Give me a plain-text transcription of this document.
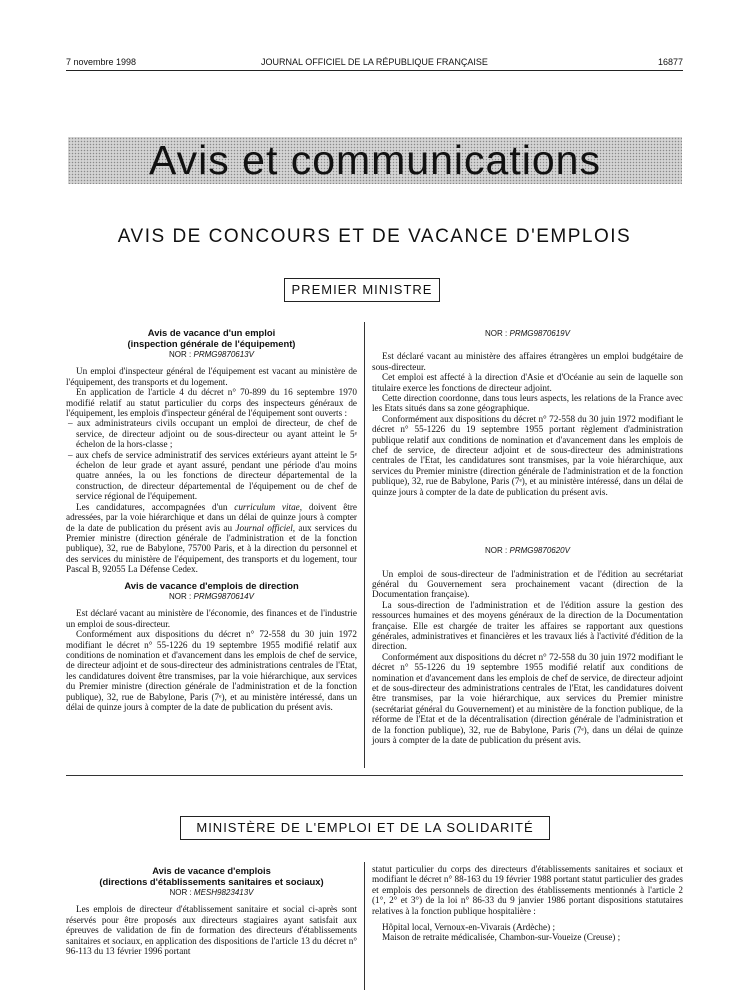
7 novembre 1998	JOURNAL OFFICIEL DE LA RÉPUBLIQUE FRANÇAISE	16877
Avis et communications
AVIS DE CONCOURS ET DE VACANCE D'EMPLOIS
PREMIER MINISTRE

Avis de vacance d'un emploi

(inspection générale de l'équipement)

NOR : PRMG9870613V

Un emploi d'inspecteur général de l'équipement est vacant au ministère de l'équipement, des transports et du logement.

En application de l'article 4 du décret n° 70-899 du 16 septembre 1970 modifié relatif au statut particulier du corps des inspecteurs généraux de l'équipement, les emplois d'inspecteur général de l'équipement sont ouverts :

– aux administrateurs civils occupant un emploi de directeur, de chef de service, de directeur adjoint ou de sous-directeur ou ayant atteint le 5ᵉ échelon de la hors-classe ;
– aux chefs de service administratif des services extérieurs ayant atteint le 5ᵉ échelon de leur grade et ayant assuré, pendant une période d'au moins quatre années, la ou les fonctions de directeur départemental de la construction, de directeur départemental de l'équipement ou de chef de service régional de l'équipement.

Les candidatures, accompagnées d'un curriculum vitae, doivent être adressées, par la voie hiérarchique et dans un délai de quinze jours à compter de la date de publication du présent avis au Journal officiel, aux services du Premier ministre (direction générale de l'administration et de la fonction publique), 32, rue de Babylone, 75700 Paris, et à la direction du personnel et des services du ministère de l'équipement, des transports et du logement, tour Pascal B, 92055 La Défense Cedex.

Avis de vacance d'emplois de direction

NOR : PRMG9870614V

Est déclaré vacant au ministère de l'économie, des finances et de l'industrie un emploi de sous-directeur.

Conformément aux dispositions du décret n° 72-558 du 30 juin 1972 modifiant le décret n° 55-1226 du 19 septembre 1955 modifié relatif aux conditions de nomination et d'avancement dans les emplois de chef de service, de directeur adjoint et de sous-directeur des administrations centrales de l'Etat, les candidatures doivent être transmises, par la voie hiérarchique, aux services du Premier ministre (direction générale de l'administration et de la fonction publique), 32, rue de Babylone, Paris (7ᵉ), et au ministère intéressé, dans un délai de quinze jours à compter de la date de publication du présent avis.

NOR : PRMG9870619V

Est déclaré vacant au ministère des affaires étrangères un emploi budgétaire de sous-directeur.

Cet emploi est affecté à la direction d'Asie et d'Océanie au sein de laquelle son titulaire exerce les fonctions de directeur adjoint.

Cette direction coordonne, dans tous leurs aspects, les relations de la France avec les Etats situés dans sa zone géographique.

Conformément aux dispositions du décret n° 72-558 du 30 juin 1972 modifiant le décret n° 55-1226 du 19 septembre 1955 portant règlement d'administration publique relatif aux conditions de nomination et d'avancement dans les emplois de chef de service, de directeur adjoint et de sous-directeur des administrations centrales de l'Etat, les candidatures sont transmises, par la voie hiérarchique, aux services du Premier ministre (direction générale de l'administration et de la fonction publique), 32, rue de Babylone, Paris (7ᵉ), et au ministère intéressé, dans un délai de quinze jours à compter de la date de publication du présent avis.

NOR : PRMG9870620V

Un emploi de sous-directeur de l'administration et de l'édition au secrétariat général du Gouvernement sera prochainement vacant (direction de la Documentation française).

La sous-direction de l'administration et de l'édition assure la gestion des ressources humaines et des moyens généraux de la direction de la Documentation française. Elle est chargée de traiter les affaires se rapportant aux questions générales, administratives et financières et les travaux liés à l'activité d'édition de la direction.

Conformément aux dispositions du décret n° 72-558 du 30 juin 1972 modifiant le décret n° 55-1226 du 19 septembre 1955 modifié relatif aux conditions de nomination et d'avancement dans les emplois de chef de service, de directeur adjoint et de sous-directeur des administrations centrales de l'Etat, les candidatures doivent être transmises, par la voie hiérarchique, aux services du Premier ministre (secrétariat général du Gouvernement) et au ministère de la fonction publique, de la réforme de l'Etat et de la décentralisation (direction générale de l'administration et de la fonction publique), 32, rue de Babylone, Paris (7ᵉ), dans un délai de quinze jours à compter de la date de publication du présent avis.

MINISTÈRE DE L'EMPLOI ET DE LA SOLIDARITÉ

Avis de vacance d'emplois

(directions d'établissements sanitaires et sociaux)

NOR : MESH9823413V

Les emplois de directeur d'établissement sanitaire et social ci-après sont réservés pour être proposés aux directeurs stagiaires ayant satisfait aux épreuves de validation de fin de formation des directeurs d'établissements sanitaires et sociaux, en application des dispositions de l'article 13 du décret n° 96-113 du 13 février 1996 portant

statut particulier du corps des directeurs d'établissements sanitaires et sociaux et modifiant le décret n° 88-163 du 19 février 1988 portant statut particulier des grades et emplois des personnels de direction des établissements mentionnés à l'article 2 (1°, 2° et 3°) de la loi n° 86-33 du 9 janvier 1986 portant dispositions statutaires relatives à la fonction publique hospitalière :

Hôpital local, Vernoux-en-Vivarais (Ardèche) ;

Maison de retraite médicalisée, Chambon-sur-Voueize (Creuse) ;
